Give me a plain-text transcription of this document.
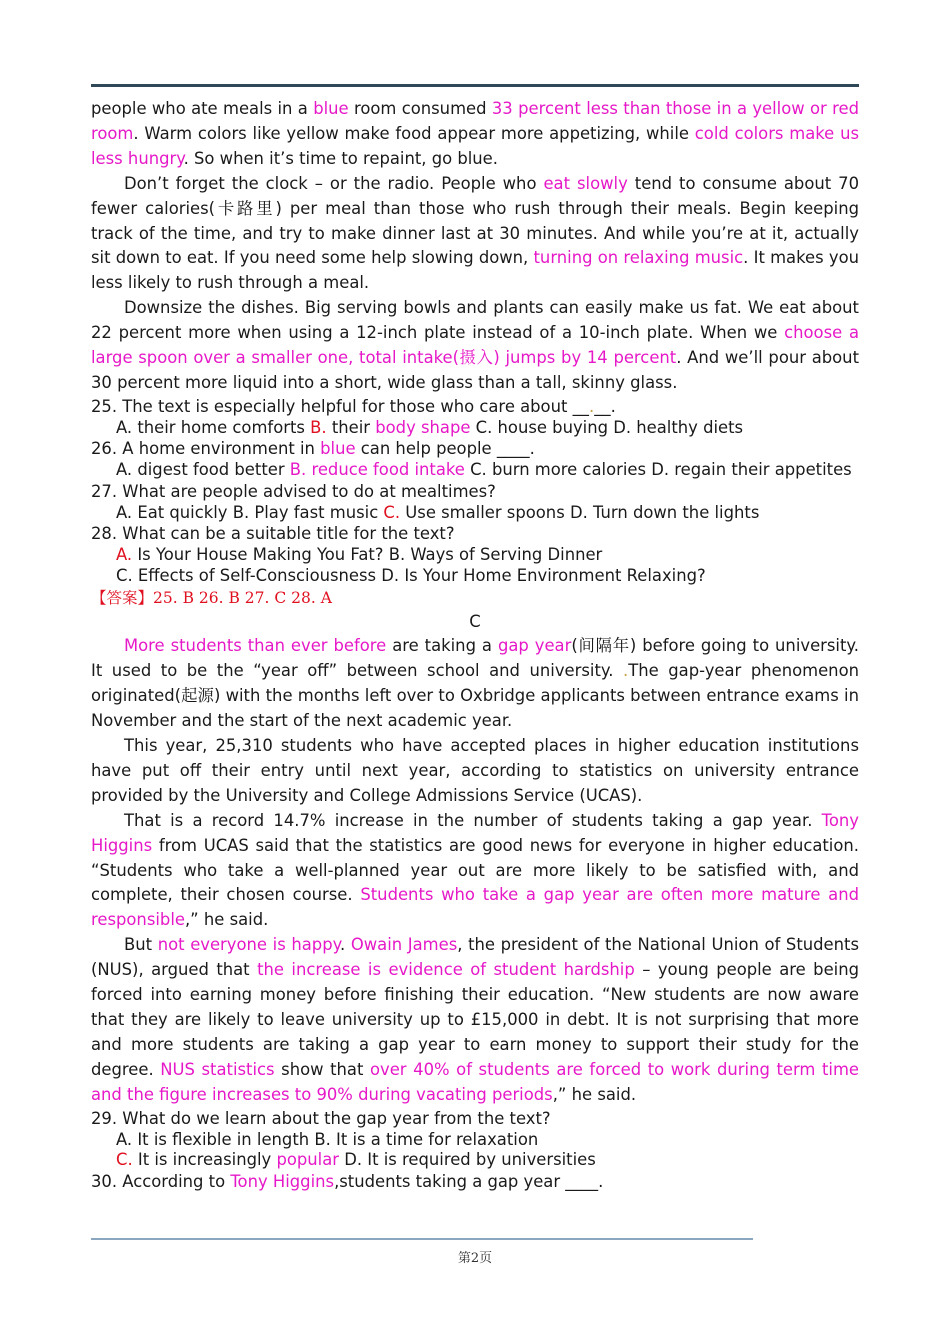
people who ate meals in a blue room consumed 33 percent less than those in a yellow or red room. Warm colors like yellow make food appear more appetizing, while cold colors make us less hungry. So when it’s time to repaint, go blue.

Don’t forget the clock – or the radio. People who eat slowly tend to consume about 70 fewer calories(卡路里) per meal than those who rush through their meals. Begin keeping track of the time, and try to make dinner last at 30 minutes. And while you’re at it, actually sit down to eat. If you need some help slowing down, turning on relaxing music. It makes you less likely to rush through a meal.

Downsize the dishes. Big serving bowls and plants can easily make us fat. We eat about 22 percent more when using a 12-inch plate instead of a 10-inch plate. When we choose a large spoon over a smaller one, total intake(摄入) jumps by 14 percent. And we’ll pour about 30 percent more liquid into a short, wide glass than a tall, skinny glass.

25. The text is especially helpful for those who care about __.__.

A. their home comforts B. their body shape C. house buying D. healthy diets

26. A home environment in blue can help people ____.

A. digest food better B. reduce food intake C. burn more calories D. regain their appetites

27. What are people advised to do at mealtimes?

A. Eat quickly B. Play fast music C. Use smaller spoons D. Turn down the lights

28. What can be a suitable title for the text?

A. Is Your House Making You Fat? B. Ways of Serving Dinner

C. Effects of Self-Consciousness D. Is Your Home Environment Relaxing?

【答案】25. B 26. B 27. C 28. A

C

More students than ever before are taking a gap year(间隔年) before going to university. It used to be the “year off” between school and university. .The gap-year phenomenon originated(起源) with the months left over to Oxbridge applicants between entrance exams in November and the start of the next academic year.

This year, 25,310 students who have accepted places in higher education institutions have put off their entry until next year, according to statistics on university entrance provided by the University and College Admissions Service (UCAS).

That is a record 14.7% increase in the number of students taking a gap year. Tony Higgins from UCAS said that the statistics are good news for everyone in higher education. “Students who take a well-planned year out are more likely to be satisfied with, and complete, their chosen course. Students who take a gap year are often more mature and responsible,” he said.

But not everyone is happy. Owain James, the president of the National Union of Students (NUS), argued that the increase is evidence of student hardship – young people are being forced into earning money before finishing their education. “New students are now aware that they are likely to leave university up to £15,000 in debt. It is not surprising that more and more students are taking a gap year to earn money to support their study for the degree. NUS statistics show that over 40% of students are forced to work during term time and the figure increases to 90% during vacating periods,” he said.

29. What do we learn about the gap year from the text?

A. It is flexible in length B. It is a time for relaxation

C. It is increasingly popular D. It is required by universities

30. According to Tony Higgins,students taking a gap year ____.

第2页
